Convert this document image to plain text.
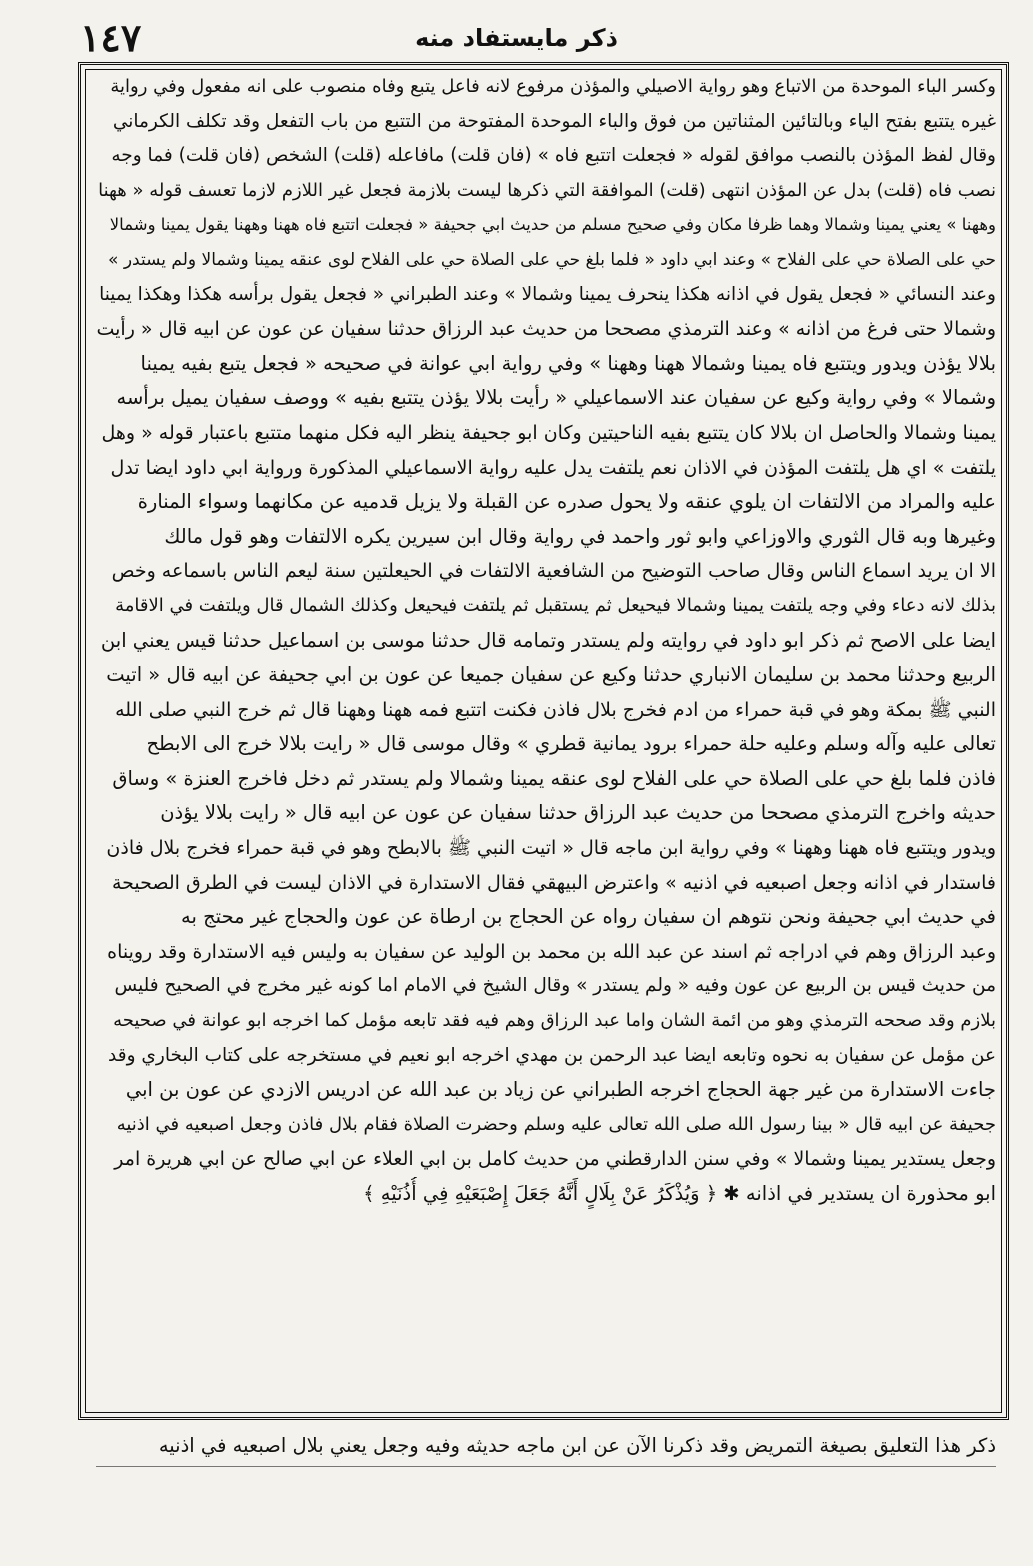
١٤٧	ذكر مايستفاد منه
وكسر الباء الموحدة من الاتباع وهو رواية الاصيلي والمؤذن مرفوع لانه فاعل يتبع وفاه منصوب على انه مفعول وفي رواية
غيره يتتبع بفتح الياء وبالتائين المثناتين من فوق والباء الموحدة المفتوحة من التتبع من باب التفعل وقد تكلف الكرماني
وقال لفظ المؤذن بالنصب موافق لقوله « فجعلت اتتبع فاه » (فان قلت) مافاعله (قلت) الشخص (فان قلت) فما وجه
نصب فاه (قلت) بدل عن المؤذن انتهى (قلت) الموافقة التي ذكرها ليست بلازمة فجعل غير اللازم لازما تعسف قوله « ههنا
وههنا » يعني يمينا وشمالا وهما ظرفا مكان وفي صحيح مسلم من حديث ابي جحيفة « فجعلت اتتبع فاه ههنا وههنا يقول يمينا وشمالا
حي على الصلاة حي على الفلاح » وعند ابي داود « فلما بلغ حي على الصلاة حي على الفلاح لوى عنقه يمينا وشمالا ولم يستدر »
وعند النسائي « فجعل يقول في اذانه هكذا ينحرف يمينا وشمالا » وعند الطبراني « فجعل يقول برأسه هكذا وهكذا يمينا
وشمالا حتى فرغ من اذانه » وعند الترمذي مصححا من حديث عبد الرزاق حدثنا سفيان عن عون عن ابيه قال « رأيت
بلالا يؤذن ويدور ويتتبع فاه يمينا وشمالا ههنا وههنا » وفي رواية ابي عوانة في صحيحه « فجعل يتبع بفيه يمينا
وشمالا » وفي رواية وكيع عن سفيان عند الاسماعيلي « رأيت بلالا يؤذن يتتبع بفيه » ووصف سفيان يميل برأسه
يمينا وشمالا والحاصل ان بلالا كان يتتبع بفيه الناحيتين وكان ابو جحيفة ينظر اليه فكل منهما متتبع باعتبار قوله « وهل
يلتفت » اي هل يلتفت المؤذن في الاذان نعم يلتفت يدل عليه رواية الاسماعيلي المذكورة ورواية ابي داود ايضا تدل
عليه والمراد من الالتفات ان يلوي عنقه ولا يحول صدره عن القبلة ولا يزيل قدميه عن مكانهما وسواء المنارة
وغيرها وبه قال الثوري والاوزاعي وابو ثور واحمد في رواية وقال ابن سيرين يكره الالتفات وهو قول مالك
الا ان يريد اسماع الناس وقال صاحب التوضيح من الشافعية الالتفات في الحيعلتين سنة ليعم الناس باسماعه وخص
بذلك لانه دعاء وفي وجه يلتفت يمينا وشمالا فيحيعل ثم يستقبل ثم يلتفت فيحيعل وكذلك الشمال قال ويلتفت في الاقامة
ايضا على الاصح ثم ذكر ابو داود في روايته ولم يستدر وتمامه قال حدثنا موسى بن اسماعيل حدثنا قيس يعني ابن
الربيع وحدثنا محمد بن سليمان الانباري حدثنا وكيع عن سفيان جميعا عن عون بن ابي جحيفة عن ابيه قال « اتيت
النبي ﷺ بمكة وهو في قبة حمراء من ادم فخرج بلال فاذن فكنت اتتبع فمه ههنا وههنا قال ثم خرج النبي صلى الله
تعالى عليه وآله وسلم وعليه حلة حمراء برود يمانية قطري » وقال موسى قال « رايت بلالا خرج الى الابطح
فاذن فلما بلغ حي على الصلاة حي على الفلاح لوى عنقه يمينا وشمالا ولم يستدر ثم دخل فاخرج العنزة » وساق
حديثه واخرج الترمذي مصححا من حديث عبد الرزاق حدثنا سفيان عن عون عن ابيه قال « رايت بلالا يؤذن
ويدور ويتتبع فاه ههنا وههنا » وفي رواية ابن ماجه قال « اتيت النبي ﷺ بالابطح وهو في قبة حمراء فخرج بلال فاذن
فاستدار في اذانه وجعل اصبعيه في اذنيه » واعترض البيهقي فقال الاستدارة في الاذان ليست في الطرق الصحيحة
في حديث ابي جحيفة ونحن نتوهم ان سفيان رواه عن الحجاج بن ارطاة عن عون والحجاج غير محتج به
وعبد الرزاق وهم في ادراجه ثم اسند عن عبد الله بن محمد بن الوليد عن سفيان به وليس فيه الاستدارة وقد رويناه
من حديث قيس بن الربيع عن عون وفيه « ولم يستدر » وقال الشيخ في الامام اما كونه غير مخرج في الصحيح فليس
بلازم وقد صححه الترمذي وهو من ائمة الشان واما عبد الرزاق وهم فيه فقد تابعه مؤمل كما اخرجه ابو عوانة في صحيحه
عن مؤمل عن سفيان به نحوه وتابعه ايضا عبد الرحمن بن مهدي اخرجه ابو نعيم في مستخرجه على كتاب البخاري وقد
جاءت الاستدارة من غير جهة الحجاج اخرجه الطبراني عن زياد بن عبد الله عن ادريس الازدي عن عون بن ابي
جحيفة عن ابيه قال « بينا رسول الله صلى الله تعالى عليه وسلم وحضرت الصلاة فقام بلال فاذن وجعل اصبعيه في اذنيه
وجعل يستدير يمينا وشمالا » وفي سنن الدارقطني من حديث كامل بن ابي العلاء عن ابي صالح عن ابي هريرة امر
ابو محذورة ان يستدير في اذانه ✱ ﴿ وَيُذْكَرُ عَنْ بِلَالٍ أَنَّهُ جَعَلَ إِصْبَعَيْهِ فِي أُذُنَيْهِ ﴾
ذكر هذا التعليق بصيغة التمريض وقد ذكرنا الآن عن ابن ماجه حديثه وفيه وجعل يعني بلال اصبعيه في اذنيه
